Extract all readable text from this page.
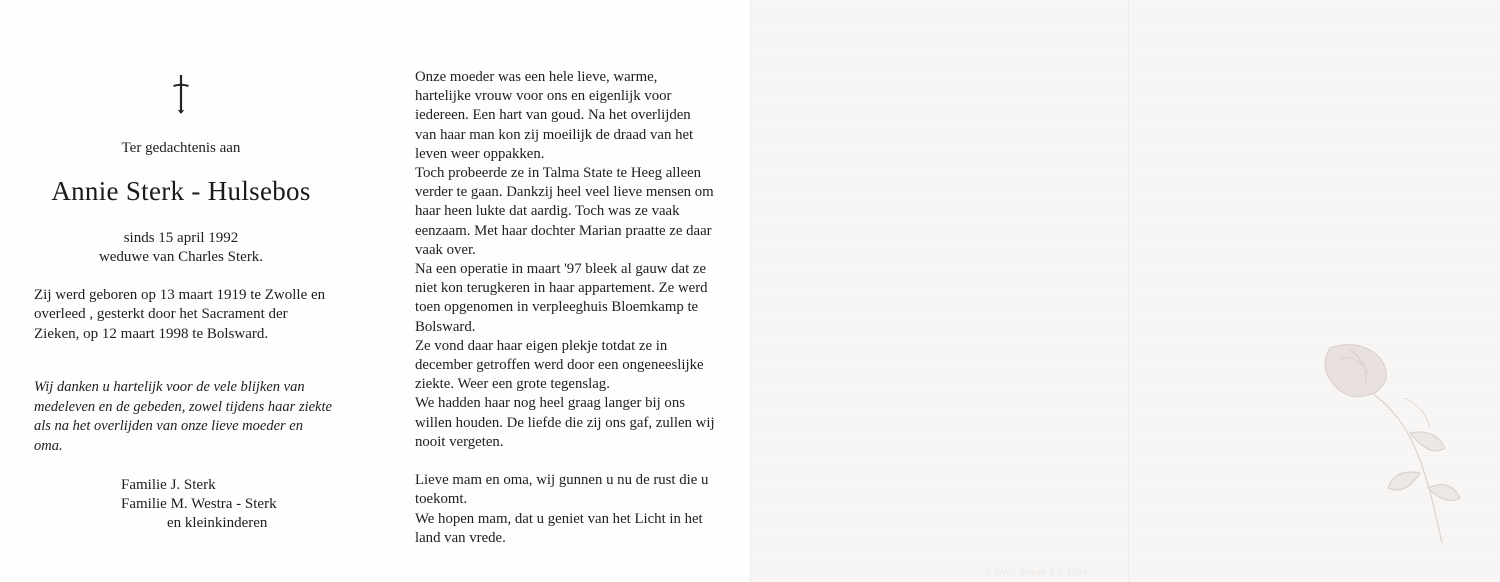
Ter gedachtenis aan
Annie Sterk - Hulsebos
sinds 15 april 1992
weduwe van Charles Sterk.
Zij werd geboren op 13 maart 1919 te Zwolle en overleed , gesterkt door het Sacrament der Zieken, op 12 maart 1998 te Bolsward.
Wij danken u hartelijk voor de vele blijken van medeleven en de gebeden, zowel tijdens haar ziekte als na het overlijden van onze lieve moeder en oma.
Familie J. Sterk
Familie M. Westra - Sterk
en kleinkinderen

Onze moeder was een hele lieve, warme, hartelijke vrouw voor ons en eigenlijk voor iedereen. Een hart van goud. Na het overlijden van haar man kon zij moeilijk de draad van het leven weer oppakken.

Toch probeerde ze in Talma State te Heeg alleen verder te gaan. Dankzij heel veel lieve mensen om haar heen lukte dat aardig. Toch was ze vaak eenzaam. Met haar dochter Marian praatte ze daar vaak over.

Na een operatie in maart '97 bleek al gauw dat ze niet kon terugkeren in haar appartement. Ze werd toen opgenomen in verpleeghuis Bloemkamp te Bolsward.

Ze vond daar haar eigen plekje totdat ze in december getroffen werd door een ongeneeslijke ziekte. Weer een grote tegenslag.

We hadden haar nog heel graag langer bij ons willen houden. De liefde die zij ons gaf, zullen wij nooit vergeten.

Lieve mam en oma, wij gunnen u nu de rust die u toekomt.

We hopen mam, dat u geniet van het Licht in het land van vrede.

© DWS Sneek 1-2-1994
